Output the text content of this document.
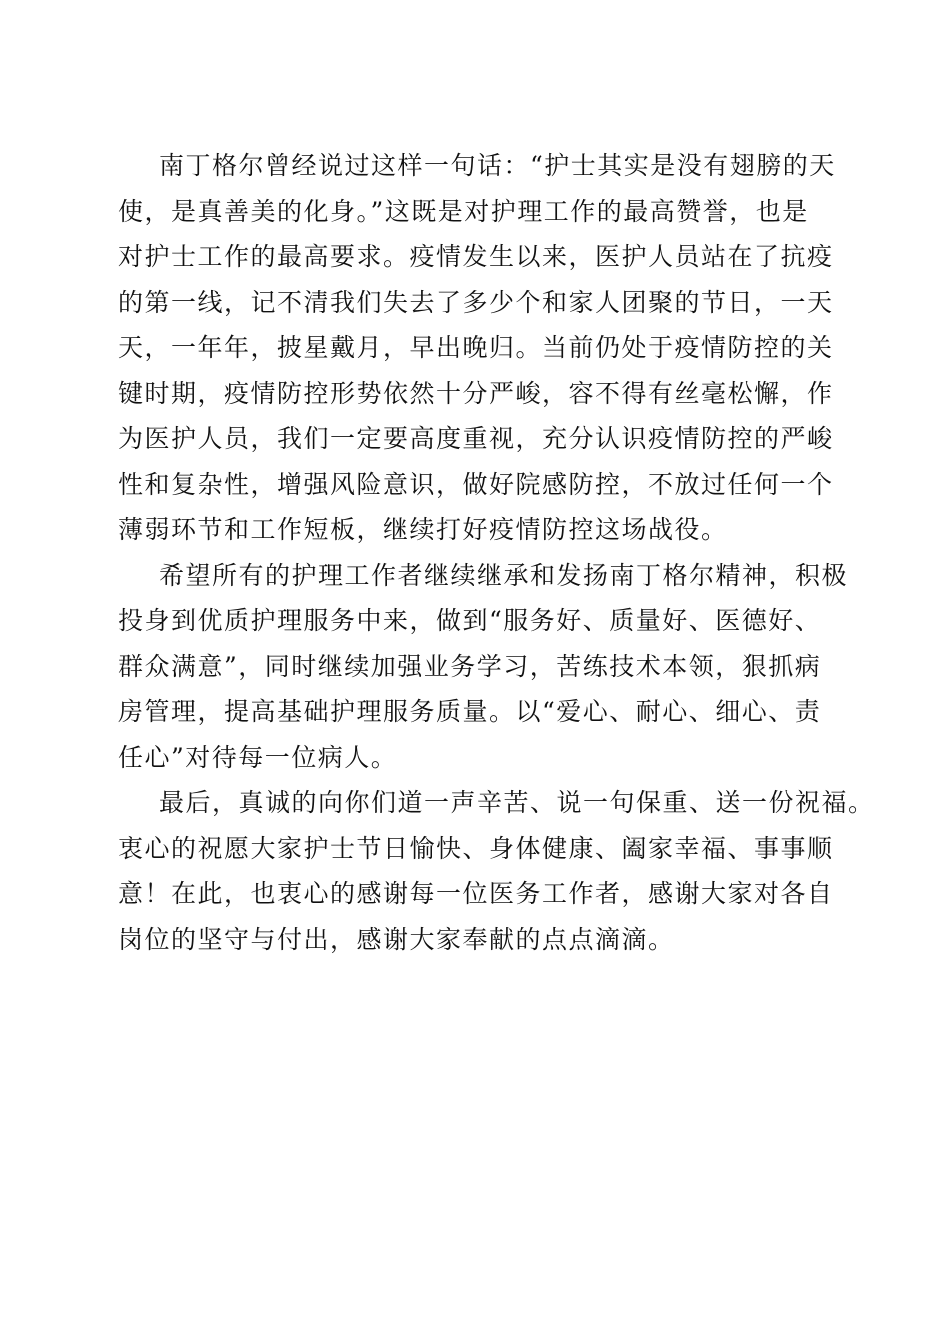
南丁格尔曾经说过这样一句话：“护士其实是没有翅膀的天
使，是真善美的化身。”这既是对护理工作的最高赞誉，也是
对护士工作的最高要求。疫情发生以来，医护人员站在了抗疫
的第一线，记不清我们失去了多少个和家人团聚的节日，一天
天，一年年，披星戴月，早出晚归。当前仍处于疫情防控的关
键时期，疫情防控形势依然十分严峻，容不得有丝毫松懈，作
为医护人员，我们一定要高度重视，充分认识疫情防控的严峻
性和复杂性，增强风险意识，做好院感防控，不放过任何一个
薄弱环节和工作短板，继续打好疫情防控这场战役。

希望所有的护理工作者继续继承和发扬南丁格尔精神，积极
投身到优质护理服务中来，做到“服务好、质量好、医德好、
群众满意”，同时继续加强业务学习，苦练技术本领，狠抓病
房管理，提高基础护理服务质量。以“爱心、耐心、细心、责
任心”对待每一位病人。

最后，真诚的向你们道一声辛苦、说一句保重、送一份祝福。
衷心的祝愿大家护士节日愉快、身体健康、阖家幸福、事事顺
意！在此，也衷心的感谢每一位医务工作者，感谢大家对各自
岗位的坚守与付出，感谢大家奉献的点点滴滴。
